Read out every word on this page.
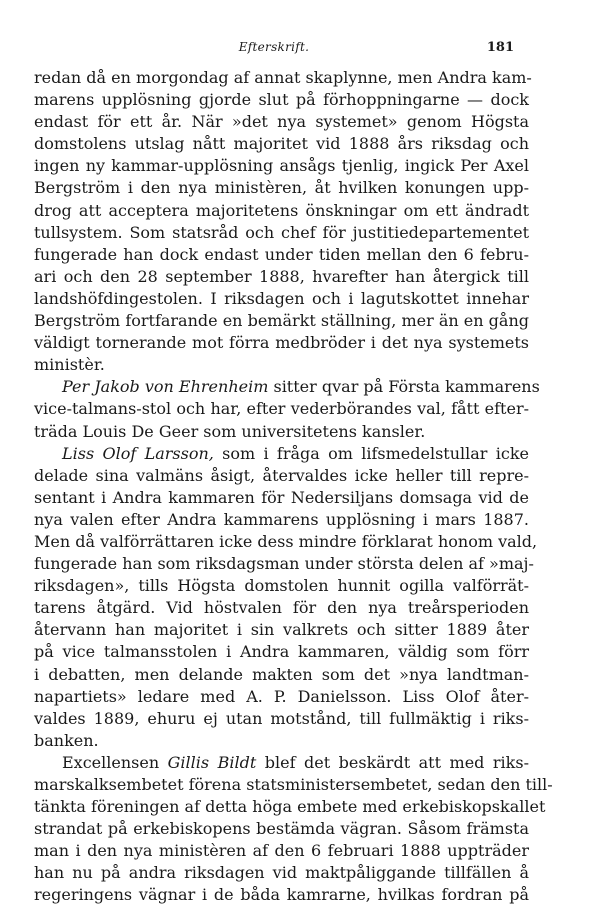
Efterskrift.	181
redan då en morgondag af annat skaplynne, men Andra kam-
marens upplösning gjorde slut på förhoppningarne — dock
endast för ett år. När »det nya systemet» genom Högsta
domstolens utslag nått majoritet vid 1888 års riksdag och
ingen ny kammar-upplösning ansågs tjenlig, ingick Per Axel
Bergström i den nya ministèren, åt hvilken konungen upp-
drog att acceptera majoritetens önskningar om ett ändradt
tullsystem. Som statsråd och chef för justitiedepartementet
fungerade han dock endast under tiden mellan den 6 febru-
ari och den 28 september 1888, hvarefter han återgick till
landshöfdingestolen. I riksdagen och i lagutskottet innehar
Bergström fortfarande en bemärkt ställning, mer än en gång
väldigt tornerande mot förra medbröder i det nya systemets
ministèr.
Per Jakob von Ehrenheim sitter qvar på Första kammarens
vice-talmans-stol och har, efter vederbörandes val, fått efter-
träda Louis De Geer som universitetens kansler.
Liss Olof Larsson, som i fråga om lifsmedelstullar icke
delade sina valmäns åsigt, återvaldes icke heller till repre-
sentant i Andra kammaren för Nedersiljans domsaga vid de
nya valen efter Andra kammarens upplösning i mars 1887.
Men då valförrättaren icke dess mindre förklarat honom vald,
fungerade han som riksdagsman under största delen af »maj-
riksdagen», tills Högsta domstolen hunnit ogilla valförrät-
tarens åtgärd. Vid höstvalen för den nya treårsperioden
återvann han majoritet i sin valkrets och sitter 1889 åter
på vice talmansstolen i Andra kammaren, väldig som förr
i debatten, men delande makten som det »nya landtman-
napartiets» ledare med A. P. Danielsson. Liss Olof åter-
valdes 1889, ehuru ej utan motstånd, till fullmäktig i riks-
banken.
Excellensen Gillis Bildt blef det beskärdt att med riks-
marskalksembetet förena statsministersembetet, sedan den till-
tänkta föreningen af detta höga embete med erkebiskopskallet
strandat på erkebiskopens bestämda vägran. Såsom främsta
man i den nya ministèren af den 6 februari 1888 uppträder
han nu på andra riksdagen vid maktpåliggande tillfällen å
regeringens vägnar i de båda kamrarne, hvilkas fordran på
